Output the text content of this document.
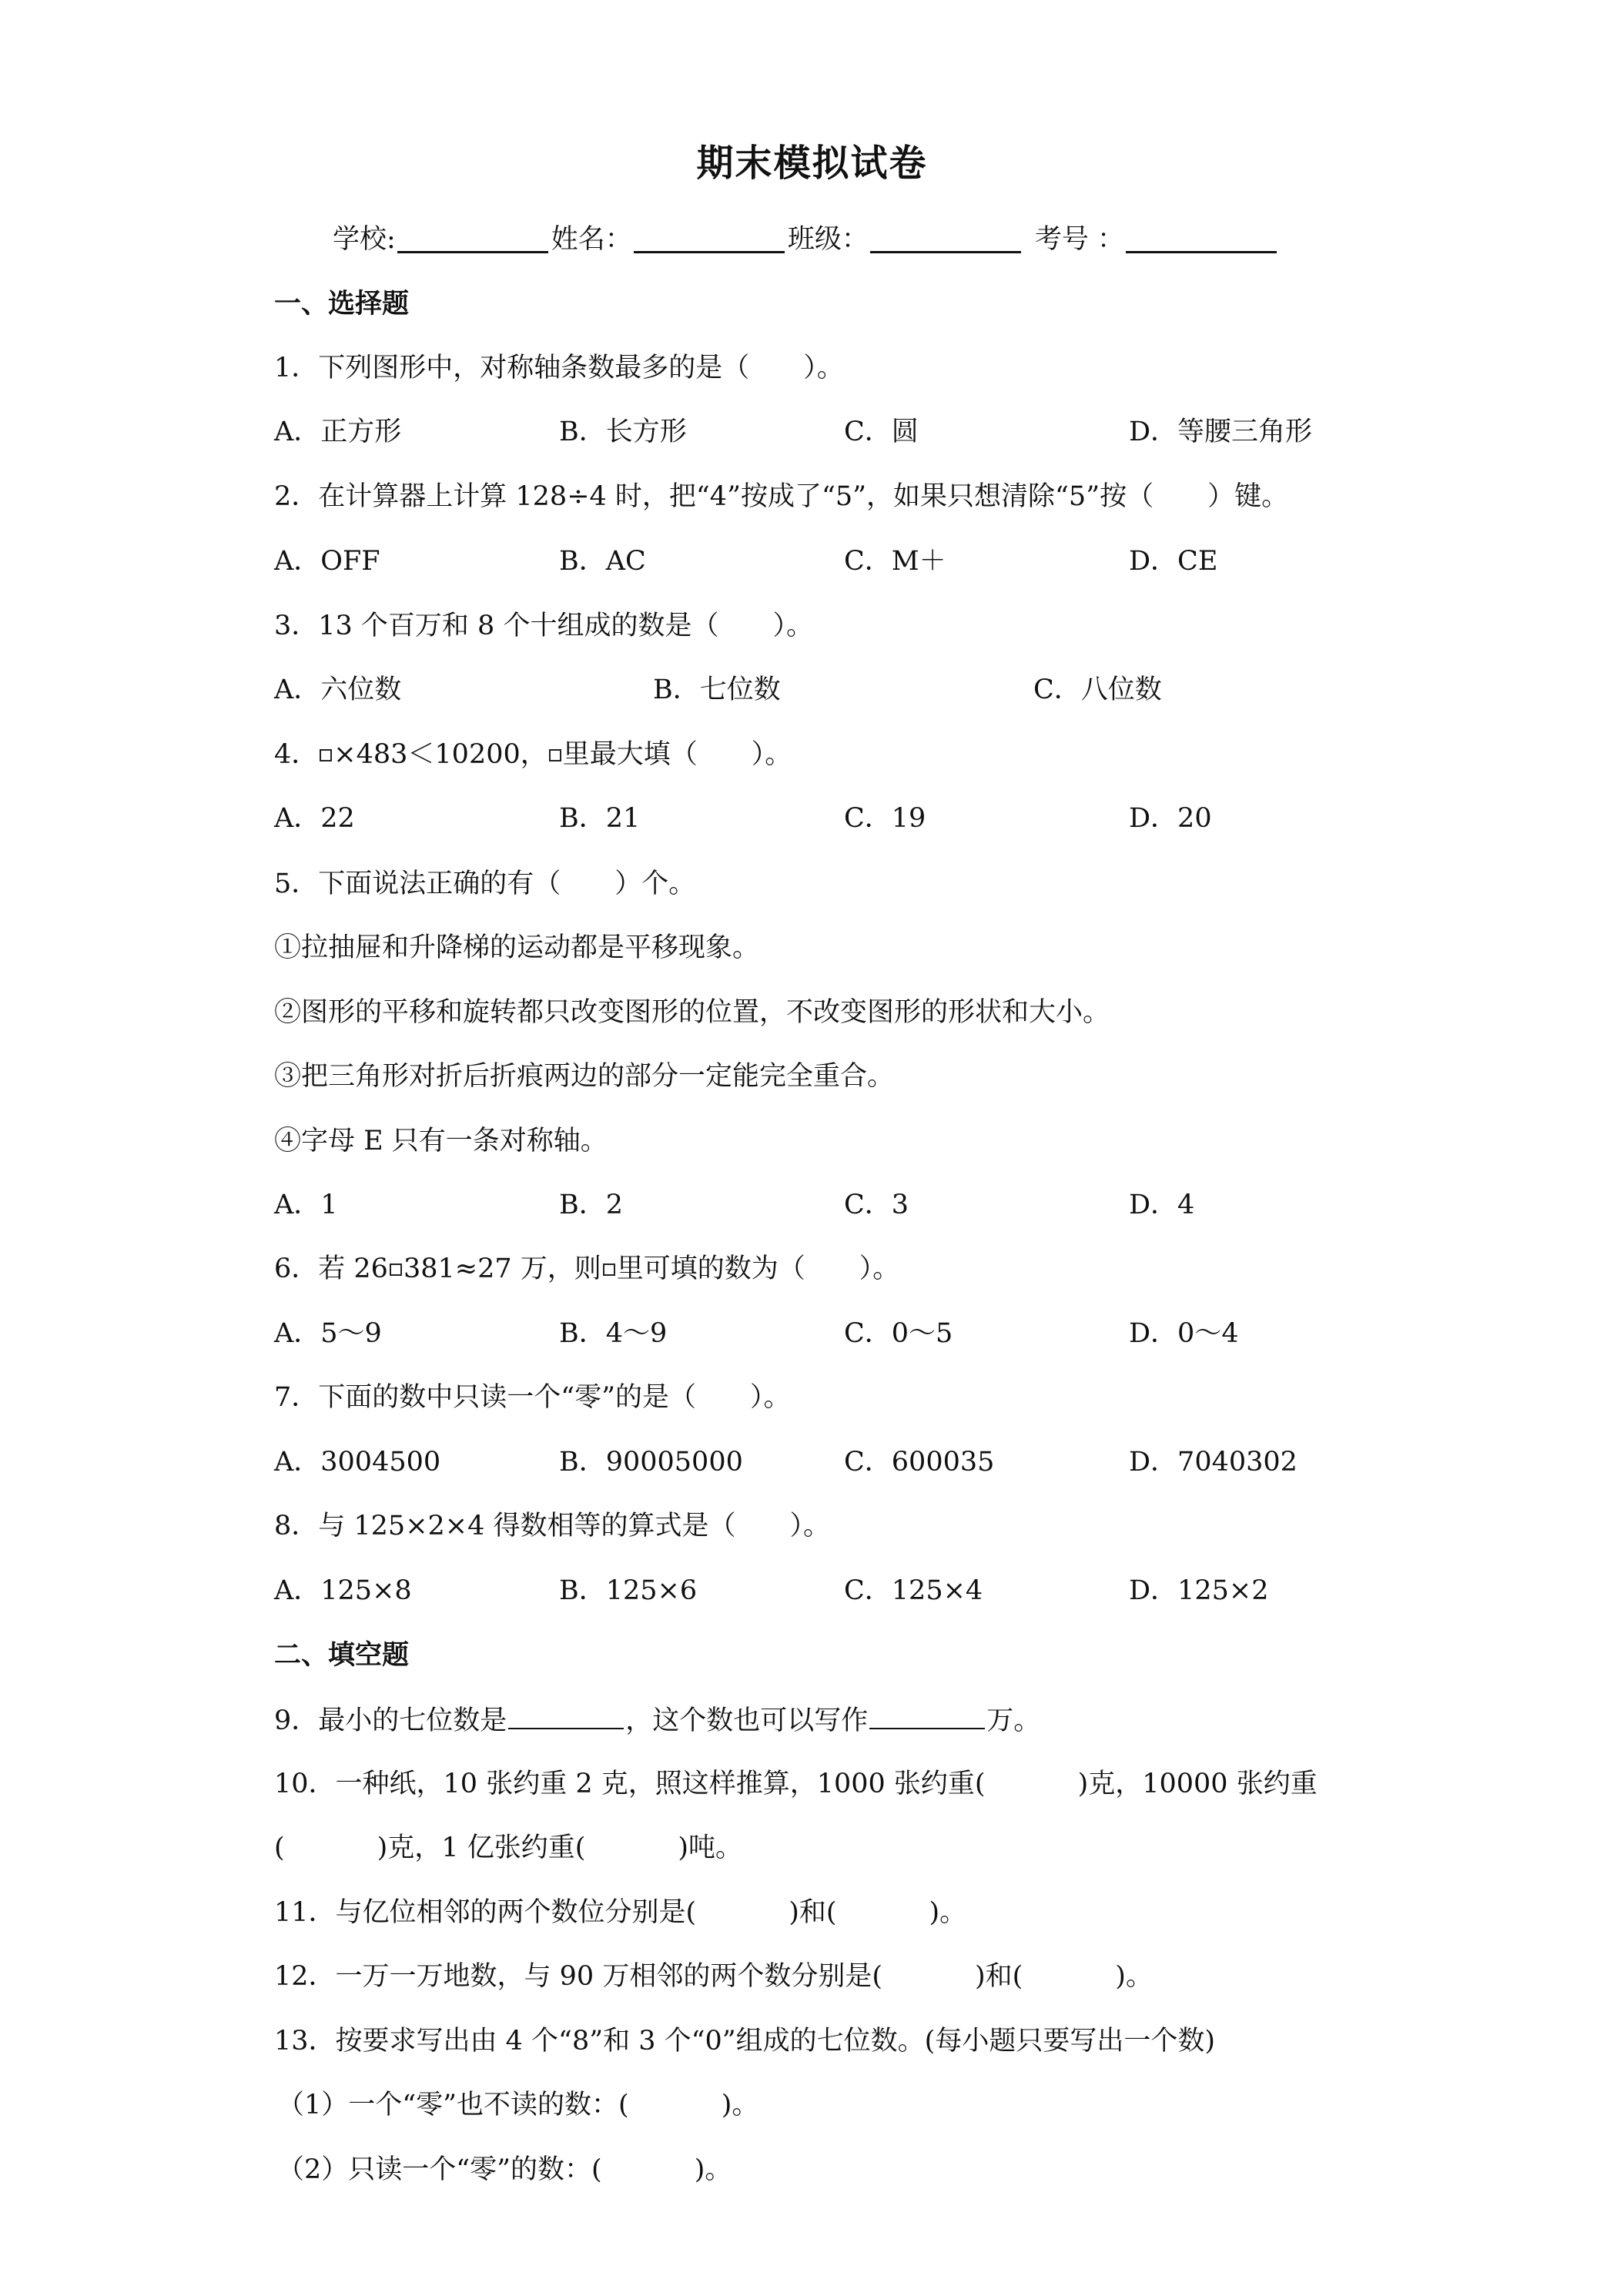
期末模拟试卷
学校:	姓名：	班级：	考号 ：
一、选择题
1．下列图形中，对称轴条数最多的是（　　）。
A．正方形	B．长方形	C．圆	D．等腰三角形
2．在计算器上计算 128÷4 时，把“4”按成了“5”，如果只想清除“5”按（　　）键。
A．OFF	B．AC	C．M＋	D．CE
3．13 个百万和 8 个十组成的数是（　　）。
A．六位数	B．七位数	C．八位数
4． ×483＜10200， 里最大填（　　）。
A．22	B．21	C．19	D．20
5．下面说法正确的有（　　）个。
①拉抽屉和升降梯的运动都是平移现象。
②图形的平移和旋转都只改变图形的位置，不改变图形的形状和大小。
③把三角形对折后折痕两边的部分一定能完全重合。
④字母 E 只有一条对称轴。
A．1	B．2	C．3	D．4
6．若 26 381≈27 万，则 里可填的数为（　　）。
A．5～9	B．4～9	C．0～5	D．0～4
7．下面的数中只读一个“零”的是（　　）。
A．3004500	B．90005000	C．600035	D．7040302
8．与 125×2×4 得数相等的算式是（　　）。
A．125×8	B．125×6	C．125×4	D．125×2
二、填空题
9．最小的七位数是	，这个数也可以写作	万。
10．一种纸，10 张约重 2 克，照这样推算，1000 张约重(	)克，10000 张约重
(	)克，1 亿张约重(	)吨。
11．与亿位相邻的两个数位分别是(	)和(	)。
12．一万一万地数，与 90 万相邻的两个数分别是(	)和(	)。
13．按要求写出由 4 个“8”和 3 个“0”组成的七位数。(每小题只要写出一个数)
（1）一个“零”也不读的数：(	)。
（2）只读一个“零”的数：(	)。
